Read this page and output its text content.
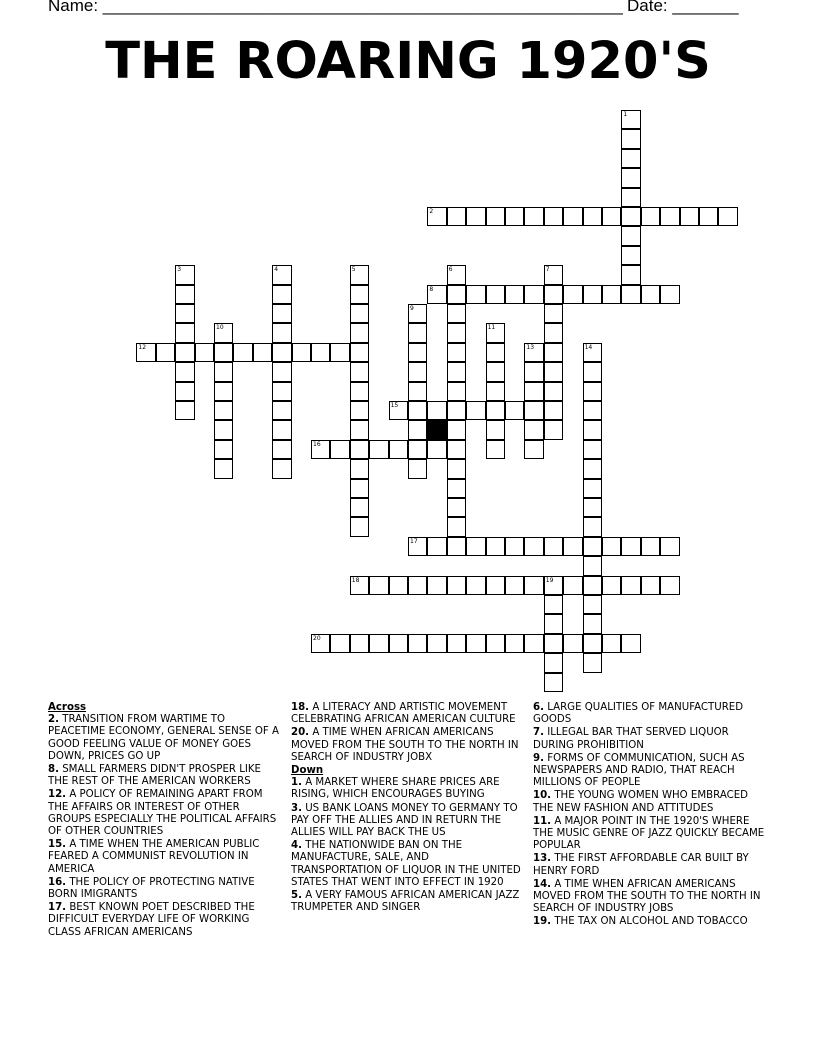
Name: _______________________________________________________ Date: _______
THE ROARING 1920'S
1
2
3	4	5	6	7
8
9
10	11
12	13	14
15
16
17
18	19
20
Across

2. TRANSITION FROM WARTIME TO PEACETIME ECONOMY, GENERAL SENSE OF A GOOD FEELING VALUE OF MONEY GOES DOWN, PRICES GO UP

8. SMALL FARMERS DIDN'T PROSPER LIKE THE REST OF THE AMERICAN WORKERS

12. A POLICY OF REMAINING APART FROM THE AFFAIRS OR INTEREST OF OTHER GROUPS ESPECIALLY THE POLITICAL AFFAIRS OF OTHER COUNTRIES

15. A TIME WHEN THE AMERICAN PUBLIC FEARED A COMMUNIST REVOLUTION IN AMERICA

16. THE POLICY OF PROTECTING NATIVE BORN IMIGRANTS

17. BEST KNOWN POET DESCRIBED THE DIFFICULT EVERYDAY LIFE OF WORKING CLASS AFRICAN AMERICANS

18. A LITERACY AND ARTISTIC MOVEMENT CELEBRATING AFRICAN AMERICAN CULTURE

20. A TIME WHEN AFRICAN AMERICANS MOVED FROM THE SOUTH TO THE NORTH IN SEARCH OF INDUSTRY JOBX

Down

1. A MARKET WHERE SHARE PRICES ARE RISING, WHICH ENCOURAGES BUYING

3. US BANK LOANS MONEY TO GERMANY TO PAY OFF THE ALLIES AND IN RETURN THE ALLIES WILL PAY BACK THE US

4. THE NATIONWIDE BAN ON THE MANUFACTURE, SALE, AND TRANSPORTATION OF LIQUOR IN THE UNITED STATES THAT WENT INTO EFFECT IN 1920

5. A VERY FAMOUS AFRICAN AMERICAN JAZZ TRUMPETER AND SINGER

6. LARGE QUALITIES OF MANUFACTURED GOODS

7. ILLEGAL BAR THAT SERVED LIQUOR DURING PROHIBITION

9. FORMS OF COMMUNICATION, SUCH AS NEWSPAPERS AND RADIO, THAT REACH MILLIONS OF PEOPLE

10. THE YOUNG WOMEN WHO EMBRACED THE NEW FASHION AND ATTITUDES

11. A MAJOR POINT IN THE 1920'S WHERE THE MUSIC GENRE OF JAZZ QUICKLY BECAME POPULAR

13. THE FIRST AFFORDABLE CAR BUILT BY HENRY FORD

14. A TIME WHEN AFRICAN AMERICANS MOVED FROM THE SOUTH TO THE NORTH IN SEARCH OF INDUSTRY JOBS

19. THE TAX ON ALCOHOL AND TOBACCO
